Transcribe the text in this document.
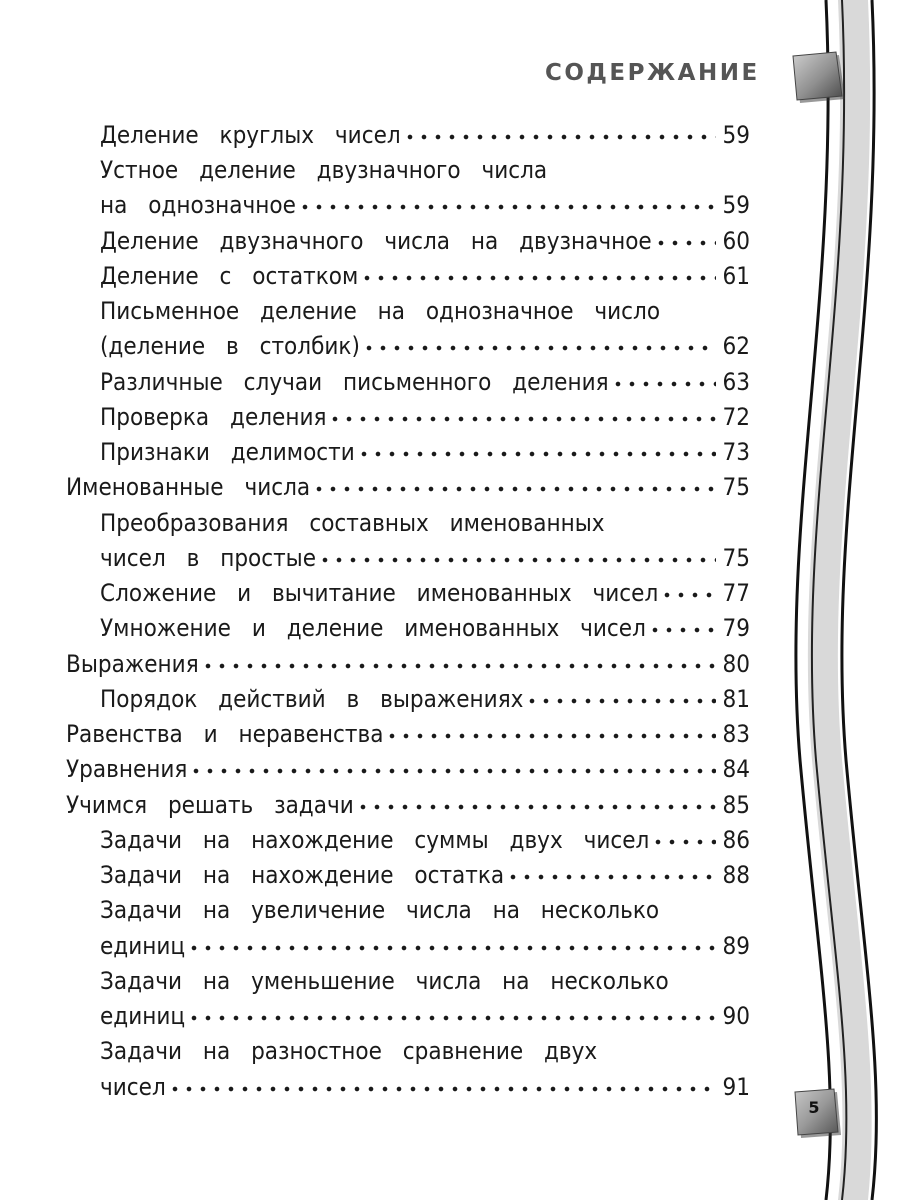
СОДЕРЖАНИЕ
Деление круглых чисел	59
Устное деление двузначного числа
на однозначное	59
Деление двузначного числа на двузначное	60
Деление с остатком	61
Письменное деление на однозначное число
(деление в столбик)	62
Различные случаи письменного деления	63
Проверка деления	72
Признаки делимости	73
Именованные числа	75
Преобразования составных именованных
чисел в простые	75
Сложение и вычитание именованных чисел	77
Умножение и деление именованных чисел	79
Выражения	80
Порядок действий в выражениях	81
Равенства и неравенства	83
Уравнения	84
Учимся решать задачи	85
Задачи на нахождение суммы двух чисел	86
Задачи на нахождение остатка	88
Задачи на увеличение числа на несколько
единиц	89
Задачи на уменьшение числа на несколько
единиц	90
Задачи на разностное сравнение двух
чисел	91
5
